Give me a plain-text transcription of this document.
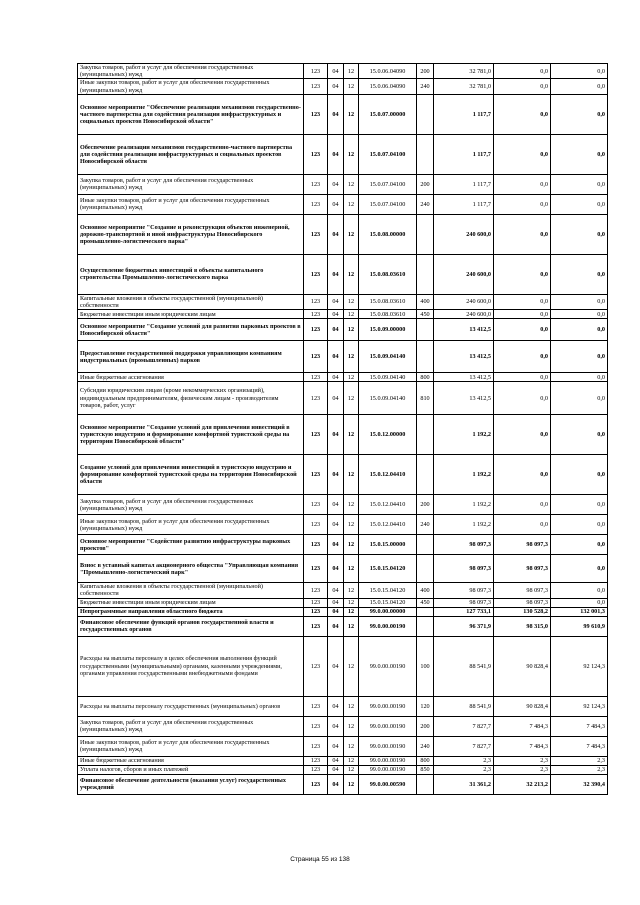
Закупка товаров, работ и услуг для обеспечения государственных (муниципальных) нужд	123	04	12	15.0.06.04090	200	32 781,0	0,0	0,0
Иные закупки товаров, работ и услуг для обеспечения государственных (муниципальных) нужд	123	04	12	15.0.06.04090	240	32 781,0	0,0	0,0
Основное мероприятие "Обеспечение реализации механизмов государственно-частного партнерства для содействия реализации инфраструктурных и социальных проектов Новосибирской области"	123	04	12	15.0.07.00000		1 117,7	0,0	0,0
Обеспечение реализации механизмов государственно-частного партнерства для содействия реализации инфраструктурных и социальных проектов Новосибирской области	123	04	12	15.0.07.04100		1 117,7	0,0	0,0
Закупка товаров, работ и услуг для обеспечения государственных (муниципальных) нужд	123	04	12	15.0.07.04100	200	1 117,7	0,0	0,0
Иные закупки товаров, работ и услуг для обеспечения государственных (муниципальных) нужд	123	04	12	15.0.07.04100	240	1 117,7	0,0	0,0
Основное мероприятие "Создание и реконструкция объектов инженерной, дорожно-транспортной и иной инфраструктуры Новосибирского промышленно-логистического парка"	123	04	12	15.0.08.00000		240 600,0	0,0	0,0
Осуществление бюджетных инвестиций в объекты капитального строительства Промышленно-логистического парка	123	04	12	15.0.08.03610		240 600,0	0,0	0,0
Капитальные вложения в объекты государственной (муниципальной) собственности	123	04	12	15.0.08.03610	400	240 600,0	0,0	0,0
Бюджетные инвестиции иным юридическим лицам	123	04	12	15.0.08.03610	450	240 600,0	0,0	0,0
Основное мероприятие "Создание условий для развития парковых проектов в Новосибирской области"	123	04	12	15.0.09.00000		13 412,5	0,0	0,0
Предоставление государственной поддержки управляющим компаниям индустриальных (промышленных) парков	123	04	12	15.0.09.04140		13 412,5	0,0	0,0
Иные бюджетные ассигнования	123	04	12	15.0.09.04140	800	13 412,5	0,0	0,0
Субсидии юридическим лицам (кроме некоммерческих организаций), индивидуальным предпринимателям, физическим лицам - производителям товаров, работ, услуг	123	04	12	15.0.09.04140	810	13 412,5	0,0	0,0
Основное мероприятие "Создание условий для привлечения инвестиций в туристскую индустрию и формирование комфортной туристской среды на территории Новосибирской области"	123	04	12	15.0.12.00000		1 192,2	0,0	0,0
Создание условий для привлечения инвестиций в туристскую индустрию и формирование комфортной туристской среды на территории Новосибирской области	123	04	12	15.0.12.04410		1 192,2	0,0	0,0
Закупка товаров, работ и услуг для обеспечения государственных (муниципальных) нужд	123	04	12	15.0.12.04410	200	1 192,2	0,0	0,0
Иные закупки товаров, работ и услуг для обеспечения государственных (муниципальных) нужд	123	04	12	15.0.12.04410	240	1 192,2	0,0	0,0
Основное мероприятие "Содействие развитию инфраструктуры парковых проектов"	123	04	12	15.0.15.00000		98 097,3	98 097,3	0,0
Взнос в уставный капитал акционерного общества "Управляющая компания "Промышленно-логистический парк"	123	04	12	15.0.15.04120		98 097,3	98 097,3	0,0
Капитальные вложения в объекты государственной (муниципальной) собственности	123	04	12	15.0.15.04120	400	98 097,3	98 097,3	0,0
Бюджетные инвестиции иным юридическим лицам	123	04	12	15.0.15.04120	450	98 097,3	98 097,3	0,0
Непрограммные направления областного бюджета	123	04	12	99.0.00.00000		127 733,1	130 528,2	132 001,3
Финансовое обеспечение функций органов государственной власти и государственных органов	123	04	12	99.0.00.00190		96 371,9	98 315,0	99 610,9
Расходы на выплаты персоналу в целях обеспечения выполнения функций государственными (муниципальными) органами, казенными учреждениями, органами управления государственными внебюджетными фондами	123	04	12	99.0.00.00190	100	88 541,9	90 828,4	92 124,3
Расходы на выплаты персоналу государственных (муниципальных) органов	123	04	12	99.0.00.00190	120	88 541,9	90 828,4	92 124,3
Закупка товаров, работ и услуг для обеспечения государственных (муниципальных) нужд	123	04	12	99.0.00.00190	200	7 827,7	7 484,3	7 484,3
Иные закупки товаров, работ и услуг для обеспечения государственных (муниципальных) нужд	123	04	12	99.0.00.00190	240	7 827,7	7 484,3	7 484,3
Иные бюджетные ассигнования	123	04	12	99.0.00.00190	800	2,3	2,3	2,3
Уплата налогов, сборов и иных платежей	123	04	12	99.0.00.00190	850	2,3	2,3	2,3
Финансовое обеспечение деятельности (оказания услуг) государственных учреждений	123	04	12	99.0.00.00590		31 361,2	32 213,2	32 390,4
Страница 55 из 138
